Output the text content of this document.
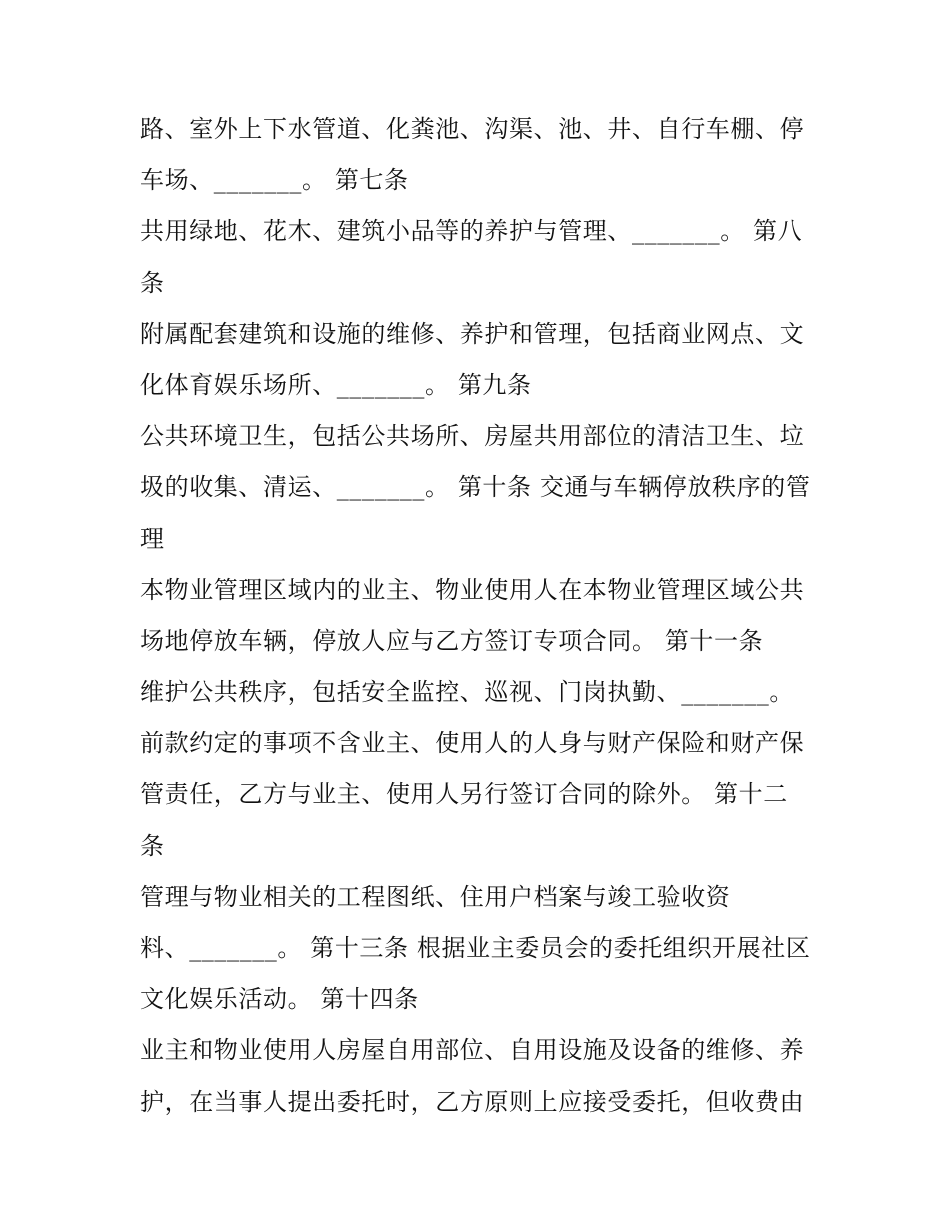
路、室外上下水管道、化粪池、沟渠、池、井、自行车棚、停
车场、_______。 第七条
共用绿地、花木、建筑小品等的养护与管理、_______。 第八
条
附属配套建筑和设施的维修、养护和管理，包括商业网点、文
化体育娱乐场所、_______。 第九条
公共环境卫生，包括公共场所、房屋共用部位的清洁卫生、垃
圾的收集、清运、_______。 第十条 交通与车辆停放秩序的管
理
本物业管理区域内的业主、物业使用人在本物业管理区域公共
场地停放车辆，停放人应与乙方签订专项合同。 第十一条
维护公共秩序，包括安全监控、巡视、门岗执勤、_______。
前款约定的事项不含业主、使用人的人身与财产保险和财产保
管责任，乙方与业主、使用人另行签订合同的除外。 第十二
条
管理与物业相关的工程图纸、住用户档案与竣工验收资
料、_______。 第十三条 根据业主委员会的委托组织开展社区
文化娱乐活动。 第十四条
业主和物业使用人房屋自用部位、自用设施及设备的维修、养
护，在当事人提出委托时，乙方原则上应接受委托，但收费由
